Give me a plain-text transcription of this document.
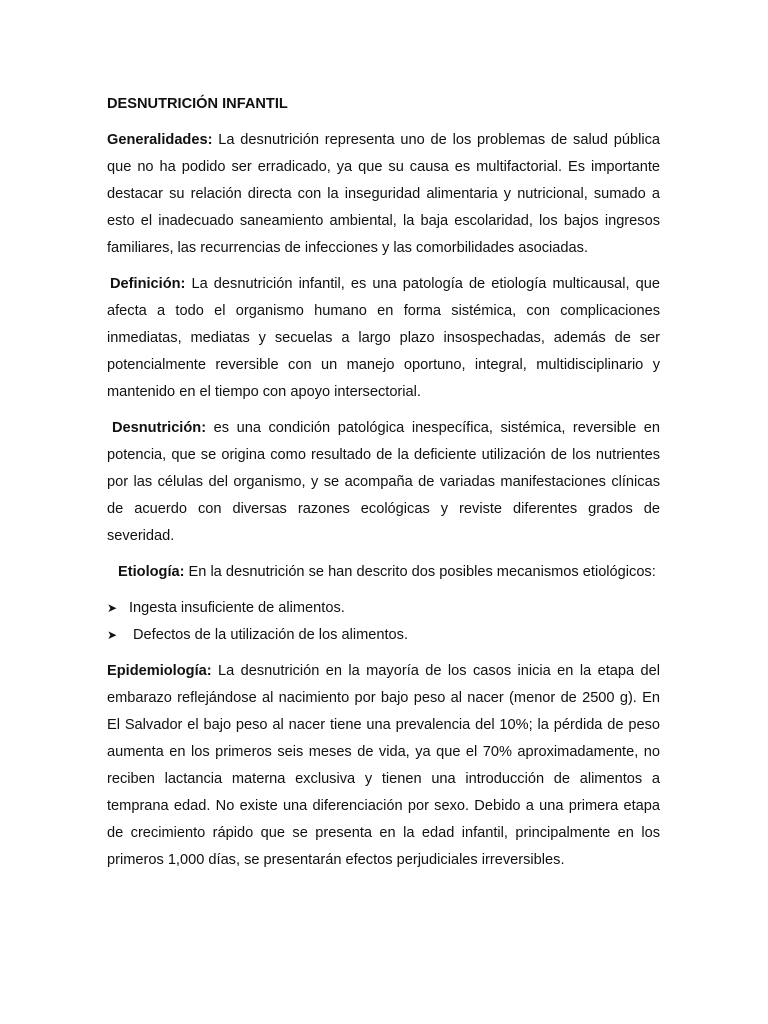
DESNUTRICIÓN INFANTIL

Generalidades: La desnutrición representa uno de los problemas de salud pública que no ha podido ser erradicado, ya que su causa es multifactorial. Es importante destacar su relación directa con la inseguridad alimentaria y nutricional, sumado a esto el inadecuado saneamiento ambiental, la baja escolaridad, los bajos ingresos familiares, las recurrencias de infecciones y las comorbilidades asociadas.

Definición: La desnutrición infantil, es una patología de etiología multicausal, que afecta a todo el organismo humano en forma sistémica, con complicaciones inmediatas, mediatas y secuelas a largo plazo insospechadas, además de ser potencialmente reversible con un manejo oportuno, integral, multidisciplinario y mantenido en el tiempo con apoyo intersectorial.

Desnutrición: es una condición patológica inespecífica, sistémica, reversible en potencia, que se origina como resultado de la deficiente utilización de los nutrientes por las células del organismo, y se acompaña de variadas manifestaciones clínicas de acuerdo con diversas razones ecológicas y reviste diferentes grados de severidad.

Etiología: En la desnutrición se han descrito dos posibles mecanismos etiológicos:

➤ Ingesta insuficiente de alimentos.
➤ Defectos de la utilización de los alimentos.

Epidemiología: La desnutrición en la mayoría de los casos inicia en la etapa del embarazo reflejándose al nacimiento por bajo peso al nacer (menor de 2500 g). En El Salvador el bajo peso al nacer tiene una prevalencia del 10%; la pérdida de peso aumenta en los primeros seis meses de vida, ya que el 70% aproximadamente, no reciben lactancia materna exclusiva y tienen una introducción de alimentos a temprana edad. No existe una diferenciación por sexo. Debido a una primera etapa de crecimiento rápido que se presenta en la edad infantil, principalmente en los primeros 1,000 días, se presentarán efectos perjudiciales irreversibles.
